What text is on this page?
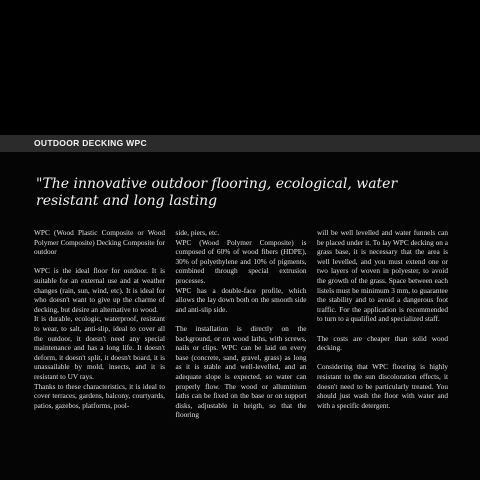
OUTDOOR DECKING WPC
"The innovative outdoor flooring, ecological, water resistant and long lasting

WPC (Wood Plastic Composite or Wood Polymer Composite) Decking Composite for outdoor

WPC is the ideal floor for outdoor. It is suitable for an external use and at weather changes (rain, sun, wind, etc). It is ideal for who doesn't want to give up the charme of decking, but desire an alternative to wood.

It is durable, ecologic, waterproof, resistant to wear, to salt, anti-slip, ideal to cover all the outdoor, it doesn't need any special maintenance and has a long life. It doesn't deform, it doesn't split, it doesn't board, it is unassailable by mold, insects, and it is resistant to UV rays.

Thanks to these characteristics, it is ideal to cover terraces, gardens, balcony, courtyards, patios, gazebos, platforms, pool-

side, piers, etc.

WPC (Wood Polymer Composite) is composed of 60% of wood fibers (HDPE), 30% of polyethylene and 10% of pigments, combined through special extrusion processes.

WPC has a double-face profile, which allows the lay down both on the smooth side and anti-slip side.

The installation is directly on the background, or on wood laths, with screws, nails or clips. WPC can be laid on every base (concrete, sand, gravel, grass) as long as it is stable and well-levelled, and an adequate slope is expected, so water can properly flow. The wood or alluminium laths can be fixed on the base or on support disks, adjustable in heigth, so that the flooring

will be well levelled and water funnels can be placed under it. To lay WPC decking on a grass base, it is necessary that the area is well levelled, and you must extend one or two layers of woven in polyester, to avoid the growth of the grass. Space between each listels must be minimum 3 mm, to guarantee the stability and to avoid a dangerous foot traffic. For the application is recommended to turn to a qualified and specialized staff.

The costs are cheaper than solid wood decking.

Considering that WPC flooring is highly resistant to the sun discoloration effects, it doesn't need to be particularly treated. You should just wash the floor with water and with a specific detergent.
